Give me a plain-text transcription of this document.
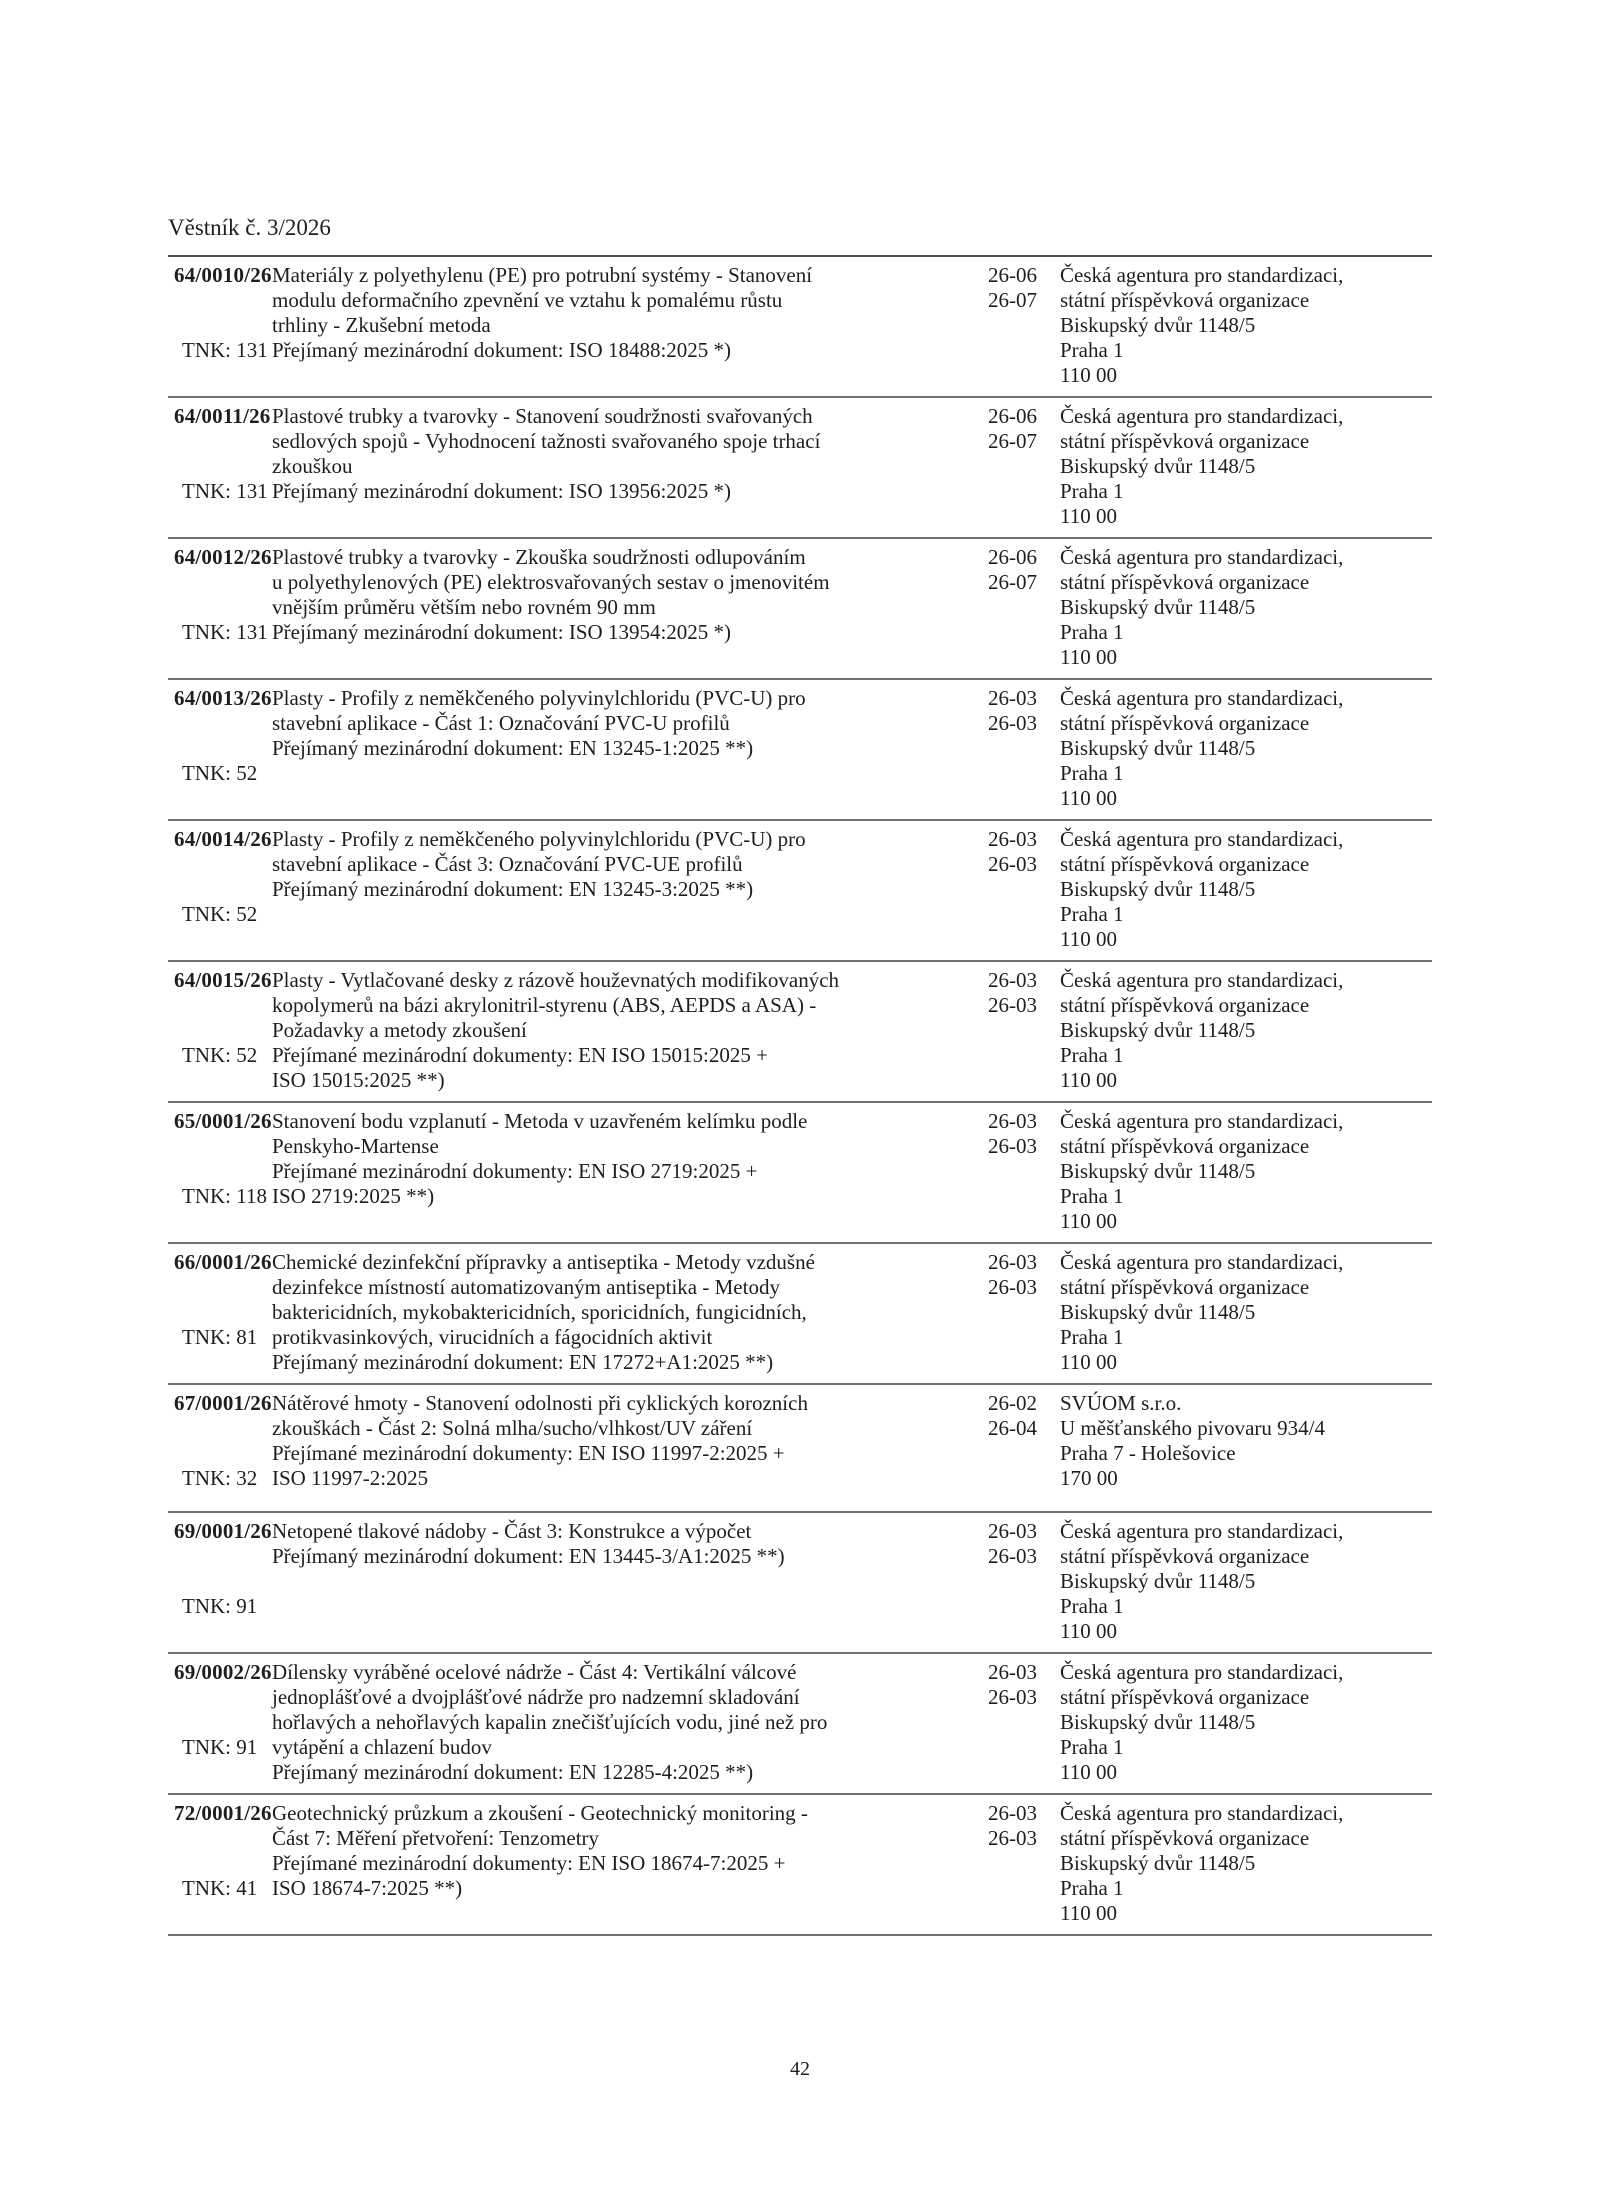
Věstník č. 3/2026
64/0010/26
TNK: 131
Materiály z polyethylenu (PE) pro potrubní systémy - Stanovení
modulu deformačního zpevnění ve vztahu k pomalému růstu
trhliny - Zkušební metoda
Přejímaný mezinárodní dokument: ISO 18488:2025 *)
26-06
26-07
Česká agentura pro standardizaci,
státní příspěvková organizace
Biskupský dvůr 1148/5
Praha 1
110 00
64/0011/26
TNK: 131
Plastové trubky a tvarovky - Stanovení soudržnosti svařovaných
sedlových spojů - Vyhodnocení tažnosti svařovaného spoje trhací
zkouškou
Přejímaný mezinárodní dokument: ISO 13956:2025 *)
26-06
26-07
Česká agentura pro standardizaci,
státní příspěvková organizace
Biskupský dvůr 1148/5
Praha 1
110 00
64/0012/26
TNK: 131
Plastové trubky a tvarovky - Zkouška soudržnosti odlupováním
u polyethylenových (PE) elektrosvařovaných sestav o jmenovitém
vnějším průměru větším nebo rovném 90 mm
Přejímaný mezinárodní dokument: ISO 13954:2025 *)
26-06
26-07
Česká agentura pro standardizaci,
státní příspěvková organizace
Biskupský dvůr 1148/5
Praha 1
110 00
64/0013/26
TNK: 52
Plasty - Profily z neměkčeného polyvinylchloridu (PVC-U) pro
stavební aplikace - Část 1: Označování PVC-U profilů
Přejímaný mezinárodní dokument: EN 13245-1:2025 **)
26-03
26-03
Česká agentura pro standardizaci,
státní příspěvková organizace
Biskupský dvůr 1148/5
Praha 1
110 00
64/0014/26
TNK: 52
Plasty - Profily z neměkčeného polyvinylchloridu (PVC-U) pro
stavební aplikace - Část 3: Označování PVC-UE profilů
Přejímaný mezinárodní dokument: EN 13245-3:2025 **)
26-03
26-03
Česká agentura pro standardizaci,
státní příspěvková organizace
Biskupský dvůr 1148/5
Praha 1
110 00
64/0015/26
TNK: 52
Plasty - Vytlačované desky z rázově houževnatých modifikovaných
kopolymerů na bázi akrylonitril-styrenu (ABS, AEPDS a ASA) -
Požadavky a metody zkoušení
Přejímané mezinárodní dokumenty: EN ISO 15015:2025 +
ISO 15015:2025 **)
26-03
26-03
Česká agentura pro standardizaci,
státní příspěvková organizace
Biskupský dvůr 1148/5
Praha 1
110 00
65/0001/26
TNK: 118
Stanovení bodu vzplanutí - Metoda v uzavřeném kelímku podle
Penskyho-Martense
Přejímané mezinárodní dokumenty: EN ISO 2719:2025 +
ISO 2719:2025 **)
26-03
26-03
Česká agentura pro standardizaci,
státní příspěvková organizace
Biskupský dvůr 1148/5
Praha 1
110 00
66/0001/26
TNK: 81
Chemické dezinfekční přípravky a antiseptika - Metody vzdušné
dezinfekce místností automatizovaným antiseptika - Metody
baktericidních, mykobaktericidních, sporicidních, fungicidních,
protikvasinkových, virucidních a fágocidních aktivit
Přejímaný mezinárodní dokument: EN 17272+A1:2025 **)
26-03
26-03
Česká agentura pro standardizaci,
státní příspěvková organizace
Biskupský dvůr 1148/5
Praha 1
110 00
67/0001/26
TNK: 32
Nátěrové hmoty - Stanovení odolnosti při cyklických korozních
zkouškách - Část 2: Solná mlha/sucho/vlhkost/UV záření
Přejímané mezinárodní dokumenty: EN ISO 11997-2:2025 +
ISO 11997-2:2025
26-02
26-04
SVÚOM s.r.o.
U měšťanského pivovaru 934/4
Praha 7 - Holešovice
170 00
69/0001/26
TNK: 91
Netopené tlakové nádoby - Část 3: Konstrukce a výpočet
Přejímaný mezinárodní dokument: EN 13445-3/A1:2025 **)
26-03
26-03
Česká agentura pro standardizaci,
státní příspěvková organizace
Biskupský dvůr 1148/5
Praha 1
110 00
69/0002/26
TNK: 91
Dílensky vyráběné ocelové nádrže - Část 4: Vertikální válcové
jednoplášťové a dvojplášťové nádrže pro nadzemní skladování
hořlavých a nehořlavých kapalin znečišťujících vodu, jiné než pro
vytápění a chlazení budov
Přejímaný mezinárodní dokument: EN 12285-4:2025 **)
26-03
26-03
Česká agentura pro standardizaci,
státní příspěvková organizace
Biskupský dvůr 1148/5
Praha 1
110 00
72/0001/26
TNK: 41
Geotechnický průzkum a zkoušení - Geotechnický monitoring -
Část 7: Měření přetvoření: Tenzometry
Přejímané mezinárodní dokumenty: EN ISO 18674-7:2025 +
ISO 18674-7:2025 **)
26-03
26-03
Česká agentura pro standardizaci,
státní příspěvková organizace
Biskupský dvůr 1148/5
Praha 1
110 00
42
